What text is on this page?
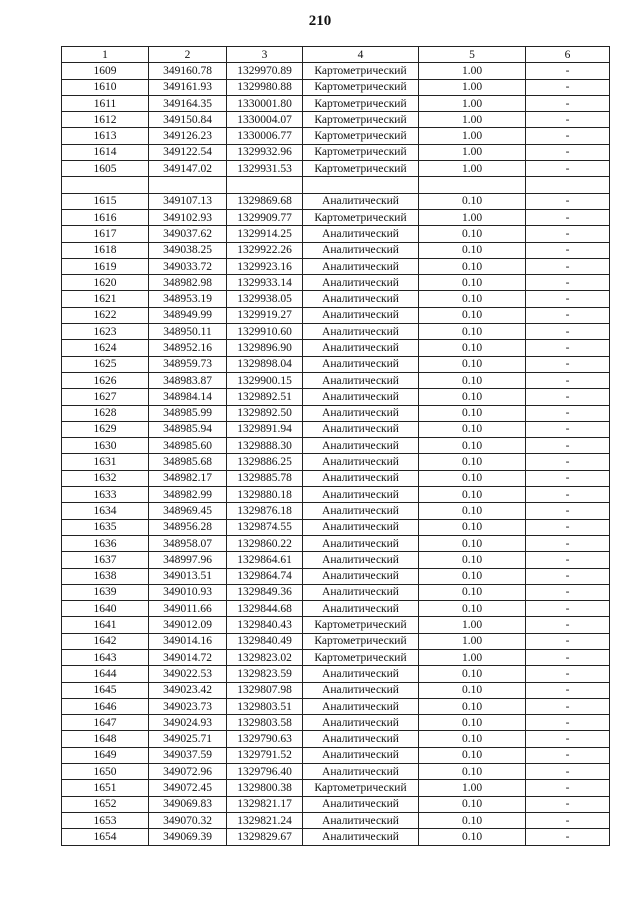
210
1	2	3	4	5	6
1609	349160.78	1329970.89	Картометрический	1.00	-
1610	349161.93	1329980.88	Картометрический	1.00	-
1611	349164.35	1330001.80	Картометрический	1.00	-
1612	349150.84	1330004.07	Картометрический	1.00	-
1613	349126.23	1330006.77	Картометрический	1.00	-
1614	349122.54	1329932.96	Картометрический	1.00	-
1605	349147.02	1329931.53	Картометрический	1.00	-

1615	349107.13	1329869.68	Аналитический	0.10	-
1616	349102.93	1329909.77	Картометрический	1.00	-
1617	349037.62	1329914.25	Аналитический	0.10	-
1618	349038.25	1329922.26	Аналитический	0.10	-
1619	349033.72	1329923.16	Аналитический	0.10	-
1620	348982.98	1329933.14	Аналитический	0.10	-
1621	348953.19	1329938.05	Аналитический	0.10	-
1622	348949.99	1329919.27	Аналитический	0.10	-
1623	348950.11	1329910.60	Аналитический	0.10	-
1624	348952.16	1329896.90	Аналитический	0.10	-
1625	348959.73	1329898.04	Аналитический	0.10	-
1626	348983.87	1329900.15	Аналитический	0.10	-
1627	348984.14	1329892.51	Аналитический	0.10	-
1628	348985.99	1329892.50	Аналитический	0.10	-
1629	348985.94	1329891.94	Аналитический	0.10	-
1630	348985.60	1329888.30	Аналитический	0.10	-
1631	348985.68	1329886.25	Аналитический	0.10	-
1632	348982.17	1329885.78	Аналитический	0.10	-
1633	348982.99	1329880.18	Аналитический	0.10	-
1634	348969.45	1329876.18	Аналитический	0.10	-
1635	348956.28	1329874.55	Аналитический	0.10	-
1636	348958.07	1329860.22	Аналитический	0.10	-
1637	348997.96	1329864.61	Аналитический	0.10	-
1638	349013.51	1329864.74	Аналитический	0.10	-
1639	349010.93	1329849.36	Аналитический	0.10	-
1640	349011.66	1329844.68	Аналитический	0.10	-
1641	349012.09	1329840.43	Картометрический	1.00	-
1642	349014.16	1329840.49	Картометрический	1.00	-
1643	349014.72	1329823.02	Картометрический	1.00	-
1644	349022.53	1329823.59	Аналитический	0.10	-
1645	349023.42	1329807.98	Аналитический	0.10	-
1646	349023.73	1329803.51	Аналитический	0.10	-
1647	349024.93	1329803.58	Аналитический	0.10	-
1648	349025.71	1329790.63	Аналитический	0.10	-
1649	349037.59	1329791.52	Аналитический	0.10	-
1650	349072.96	1329796.40	Аналитический	0.10	-
1651	349072.45	1329800.38	Картометрический	1.00	-
1652	349069.83	1329821.17	Аналитический	0.10	-
1653	349070.32	1329821.24	Аналитический	0.10	-
1654	349069.39	1329829.67	Аналитический	0.10	-
